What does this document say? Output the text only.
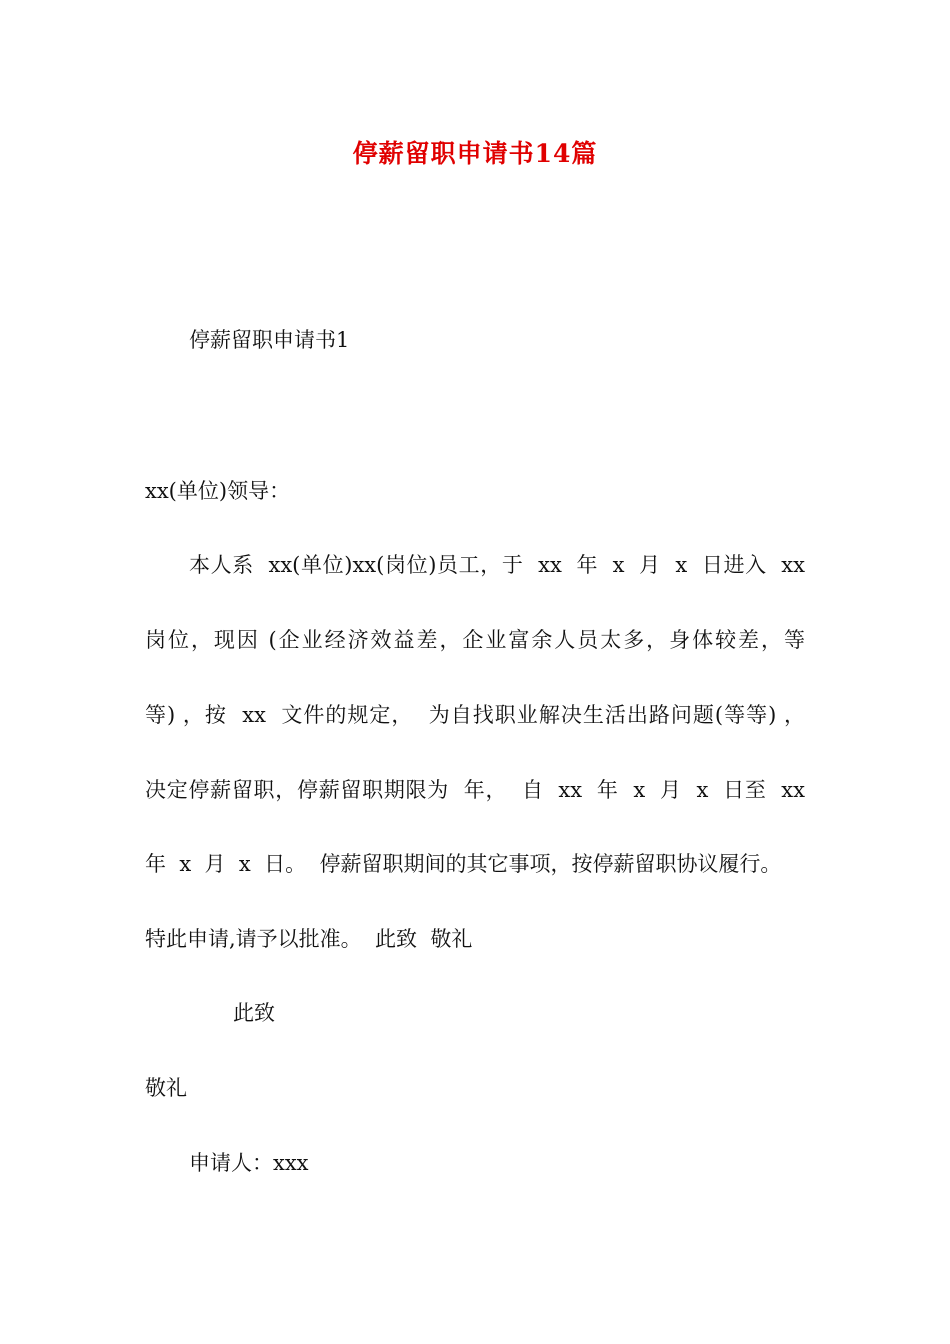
停薪留职申请书14篇
停薪留职申请书1
xx(单位)领导：
本人系  xx(单位)xx(岗位)员工，于  xx  年  x  月  x  日进入  xx
岗位，现因 (企业经济效益差，企业富余人员太多，身体较差，等
等) ，按  xx  文件的规定，  为自找职业解决生活出路问题(等等) ，
决定停薪留职，停薪留职期限为  年，  自  xx  年  x  月  x  日至  xx
年  x  月  x  日。  停薪留职期间的其它事项，按停薪留职协议履行。
特此申请,请予以批准。  此致  敬礼
此致
敬礼
申请人：xxx
